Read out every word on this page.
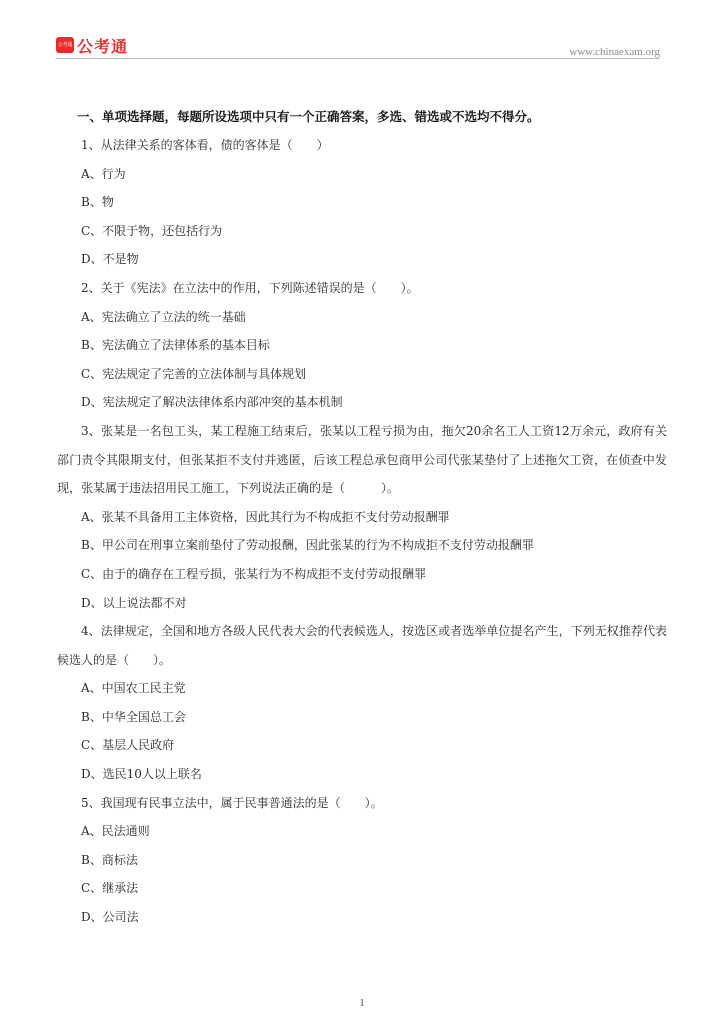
公考通 公考通	www.chinaexam.org
一、单项选择题，每题所设选项中只有一个正确答案，多选、错选或不选均不得分。
1、从法律关系的客体看，债的客体是（　　）
A、行为
B、物
C、不限于物，还包括行为
D、不是物
2、关于《宪法》在立法中的作用，下列陈述错误的是（　　）。
A、宪法确立了立法的统一基础
B、宪法确立了法律体系的基本目标
C、宪法规定了完善的立法体制与具体规划
D、宪法规定了解决法律体系内部冲突的基本机制
3、张某是一名包工头，某工程施工结束后，张某以工程亏损为由，拖欠20余名工人工资12万余元，政府有关部门责令其限期支付，但张某拒不支付并逃匿，后该工程总承包商甲公司代张某垫付了上述拖欠工资，在侦查中发现，张某属于违法招用民工施工，下列说法正确的是（　　　）。
A、张某不具备用工主体资格，因此其行为不构成拒不支付劳动报酬罪
B、甲公司在刑事立案前垫付了劳动报酬，因此张某的行为不构成拒不支付劳动报酬罪
C、由于的确存在工程亏损，张某行为不构成拒不支付劳动报酬罪
D、以上说法都不对
4、法律规定，全国和地方各级人民代表大会的代表候选人，按选区或者选举单位提名产生，下列无权推荐代表候选人的是（　　）。
A、中国农工民主党
B、中华全国总工会
C、基层人民政府
D、选民10人以上联名
5、我国现有民事立法中，属于民事普通法的是（　　）。
A、民法通则
B、商标法
C、继承法
D、公司法
1
